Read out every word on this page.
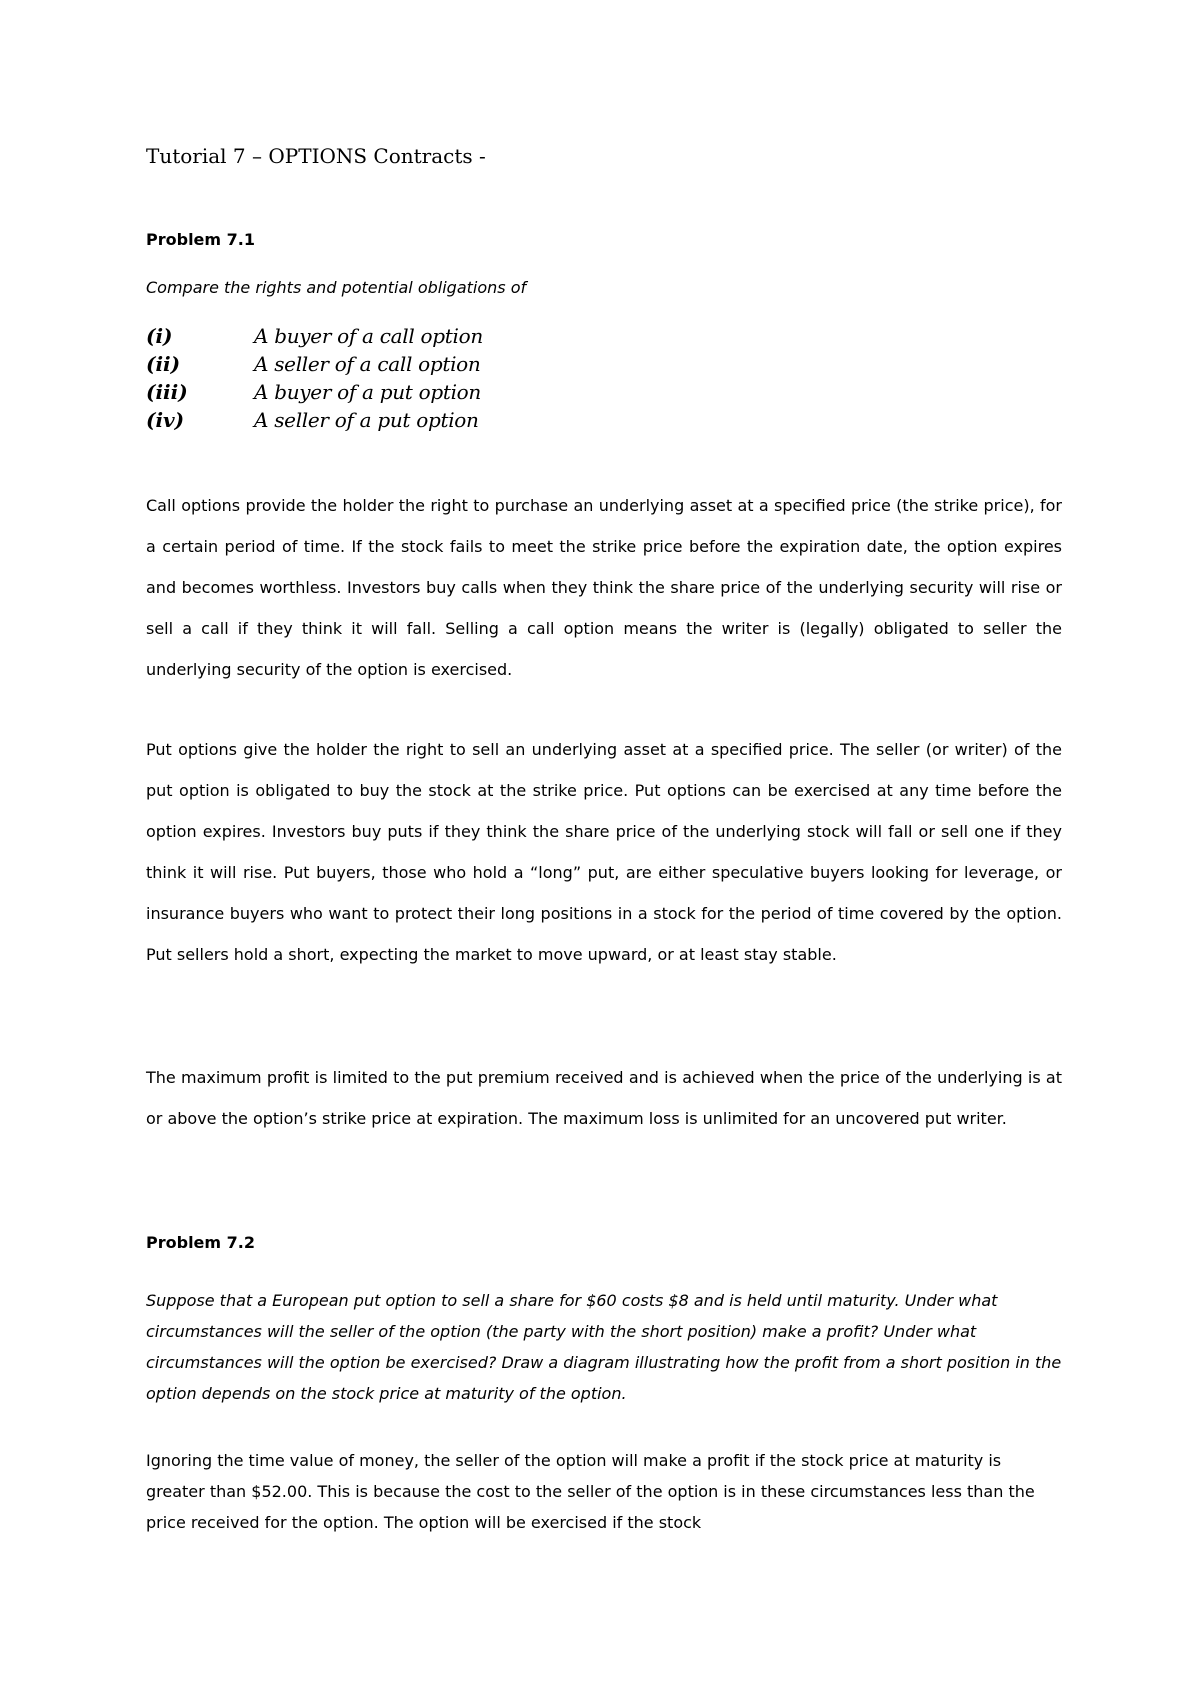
Tutorial 7 – OPTIONS Contracts -
Problem 7.1

Compare the rights and potential obligations of

(i)	A buyer of a call option
(ii)	A seller of a call option
(iii)	A buyer of a put option
(iv)	A seller of a put option

Call options provide the holder the right to purchase an underlying asset at a specified price (the strike price), for a certain period of time. If the stock fails to meet the strike price before the expiration date, the option expires and becomes worthless. Investors buy calls when they think the share price of the underlying security will rise or sell a call if they think it will fall. Selling a call option means the writer is (legally) obligated to seller the underlying security of the option is exercised.

Put options give the holder the right to sell an underlying asset at a specified price. The seller (or writer) of the put option is obligated to buy the stock at the strike price. Put options can be exercised at any time before the option expires. Investors buy puts if they think the share price of the underlying stock will fall or sell one if they think it will rise. Put buyers, those who hold a “long” put, are either speculative buyers looking for leverage, or insurance buyers who want to protect their long positions in a stock for the period of time covered by the option. Put sellers hold a short, expecting the market to move upward, or at least stay stable.

The maximum profit is limited to the put premium received and is achieved when the price of the underlying is at or above the option’s strike price at expiration. The maximum loss is unlimited for an uncovered put writer.

Problem 7.2

Suppose that a European put option to sell a share for $60 costs $8 and is held until maturity. Under what circumstances will the seller of the option (the party with the short position) make a profit? Under what circumstances will the option be exercised? Draw a diagram illustrating how the profit from a short position in the option depends on the stock price at maturity of the option.

Ignoring the time value of money, the seller of the option will make a profit if the stock price at maturity is greater than $52.00. This is because the cost to the seller of the option is in these circumstances less than the price received for the option. The option will be exercised if the stock
